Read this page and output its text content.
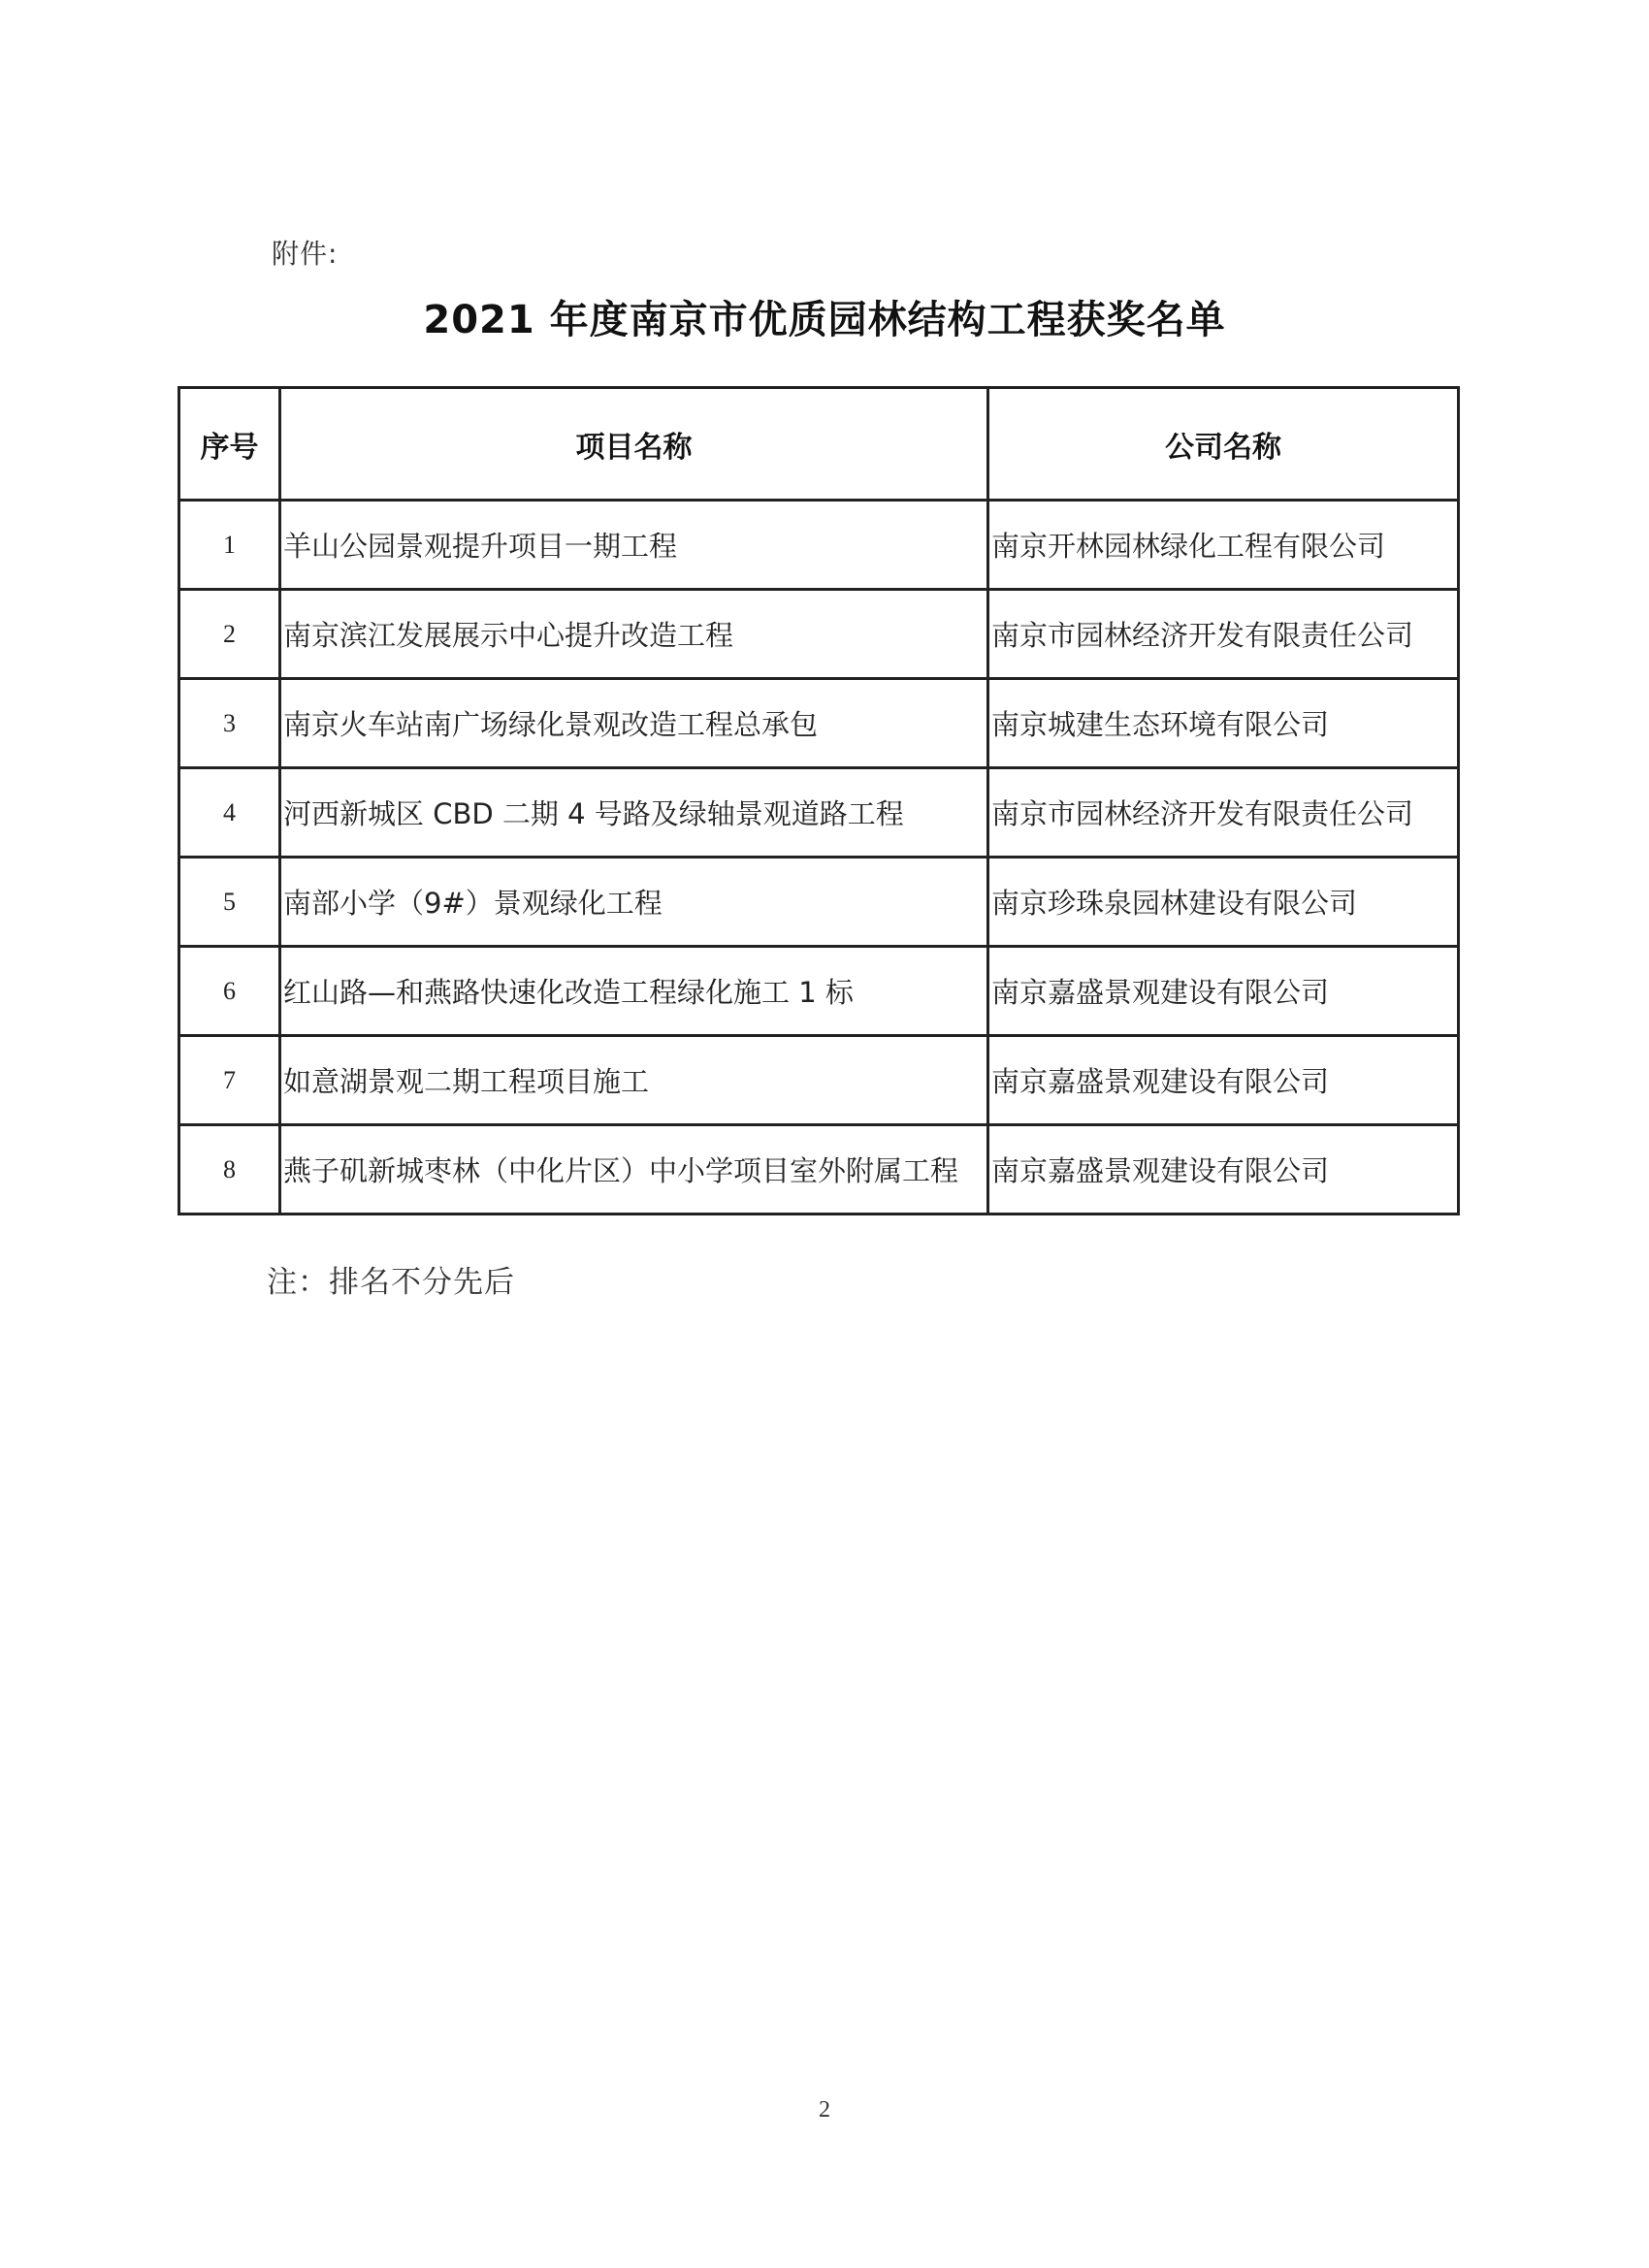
附件:
2021 年度南京市优质园林结构工程获奖名单
序号	项目名称	公司名称
1	羊山公园景观提升项目一期工程	南京开林园林绿化工程有限公司
2	南京滨江发展展示中心提升改造工程	南京市园林经济开发有限责任公司
3	南京火车站南广场绿化景观改造工程总承包	南京城建生态环境有限公司
4	河西新城区 CBD 二期 4 号路及绿轴景观道路工程	南京市园林经济开发有限责任公司
5	南部小学（9#）景观绿化工程	南京珍珠泉园林建设有限公司
6	红山路—和燕路快速化改造工程绿化施工 1 标	南京嘉盛景观建设有限公司
7	如意湖景观二期工程项目施工	南京嘉盛景观建设有限公司
8	燕子矶新城枣林（中化片区）中小学项目室外附属工程	南京嘉盛景观建设有限公司
注：排名不分先后
2
